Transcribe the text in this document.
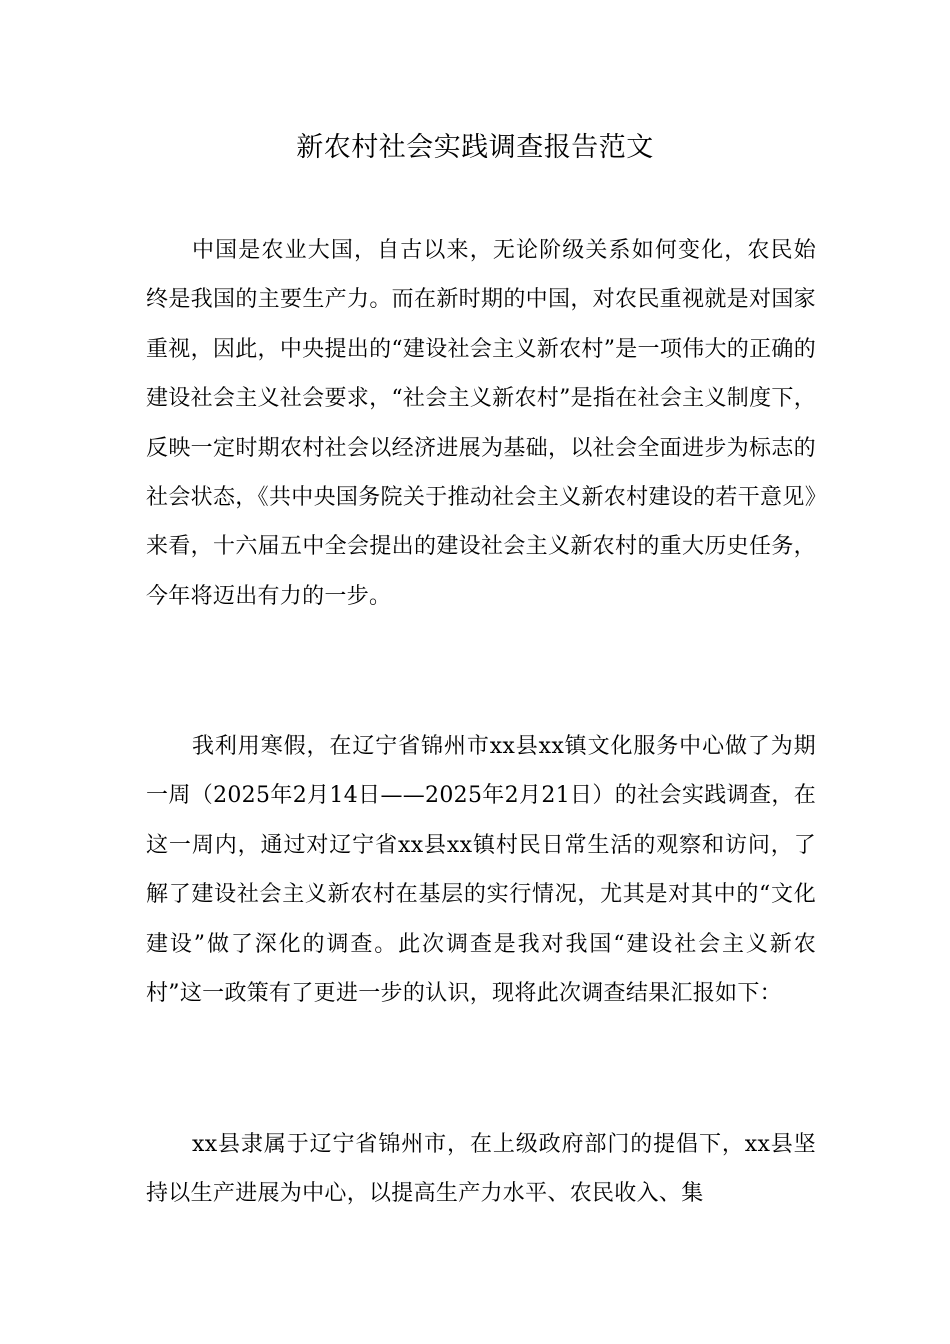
新农村社会实践调查报告范文

中国是农业大国，自古以来，无论阶级关系如何变化，农民始终是我国的主要生产力。而在新时期的中国，对农民重视就是对国家重视，因此，中央提出的“建设社会主义新农村”是一项伟大的正确的建设社会主义社会要求，“社会主义新农村”是指在社会主义制度下，反映一定时期农村社会以经济进展为基础，以社会全面进步为标志的社会状态，《共中央国务院关于推动社会主义新农村建设的若干意见》来看，十六届五中全会提出的建设社会主义新农村的重大历史任务，今年将迈出有力的一步。

我利用寒假，在辽宁省锦州市xx县xx镇文化服务中心做了为期一周（2025年2月14日——2025年2月21日）的社会实践调查，在这一周内，通过对辽宁省xx县xx镇村民日常生活的观察和访问，了解了建设社会主义新农村在基层的实行情况，尤其是对其中的“文化建设”做了深化的调查。此次调查是我对我国“建设社会主义新农村”这一政策有了更进一步的认识，现将此次调查结果汇报如下：

xx县隶属于辽宁省锦州市，在上级政府部门的提倡下，xx县坚持以生产进展为中心，以提高生产力水平、农民收入、集
